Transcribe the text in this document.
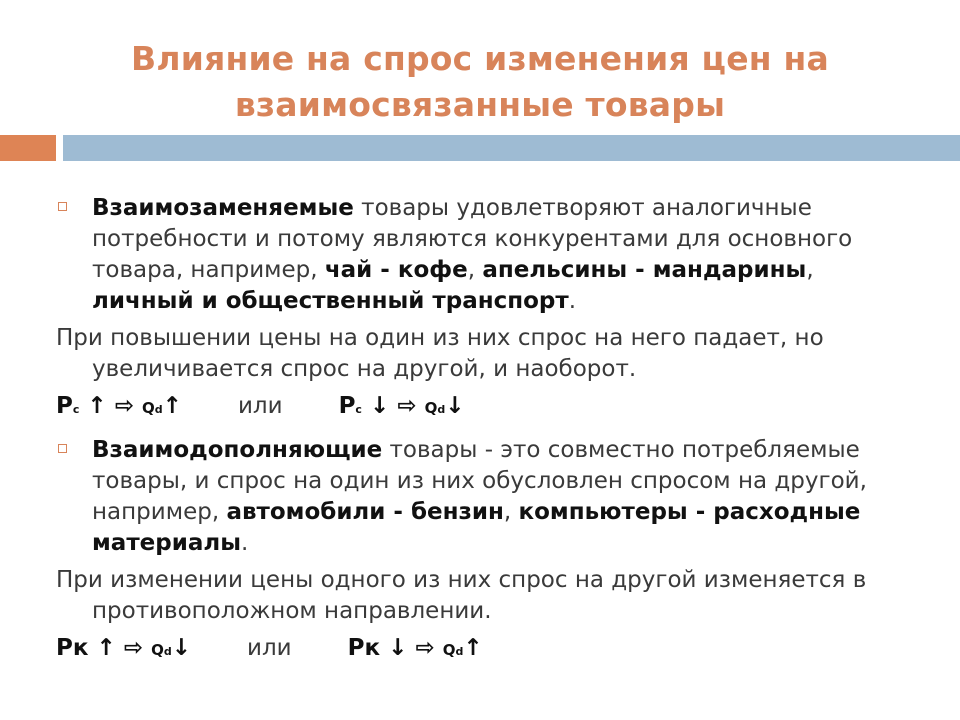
Влияние на спрос изменения цен на
взаимосвязанные товары
Взаимозаменяемые товары удовлетворяют аналогичные потребности и потому являются конкурентами для основного товара, например, чай - кофе, апельсины - мандарины, личный и общественный транспорт.
При повышении цены на один из них спрос на него падает, но увеличивается спрос на другой, и наоборот.
Pc ↑ ⇨ Qd↑ или Pc ↓ ⇨ Qd↓
Взаимодополняющие товары - это совместно потребляемые товары, и спрос на один из них обусловлен спросом на другой, например, автомобили - бензин, компьютеры - расходные материалы.
При изменении цены одного из них спрос на другой изменяется в противоположном направлении.
Pк ↑ ⇨ Qd↓ или Pк ↓ ⇨ Qd↑
